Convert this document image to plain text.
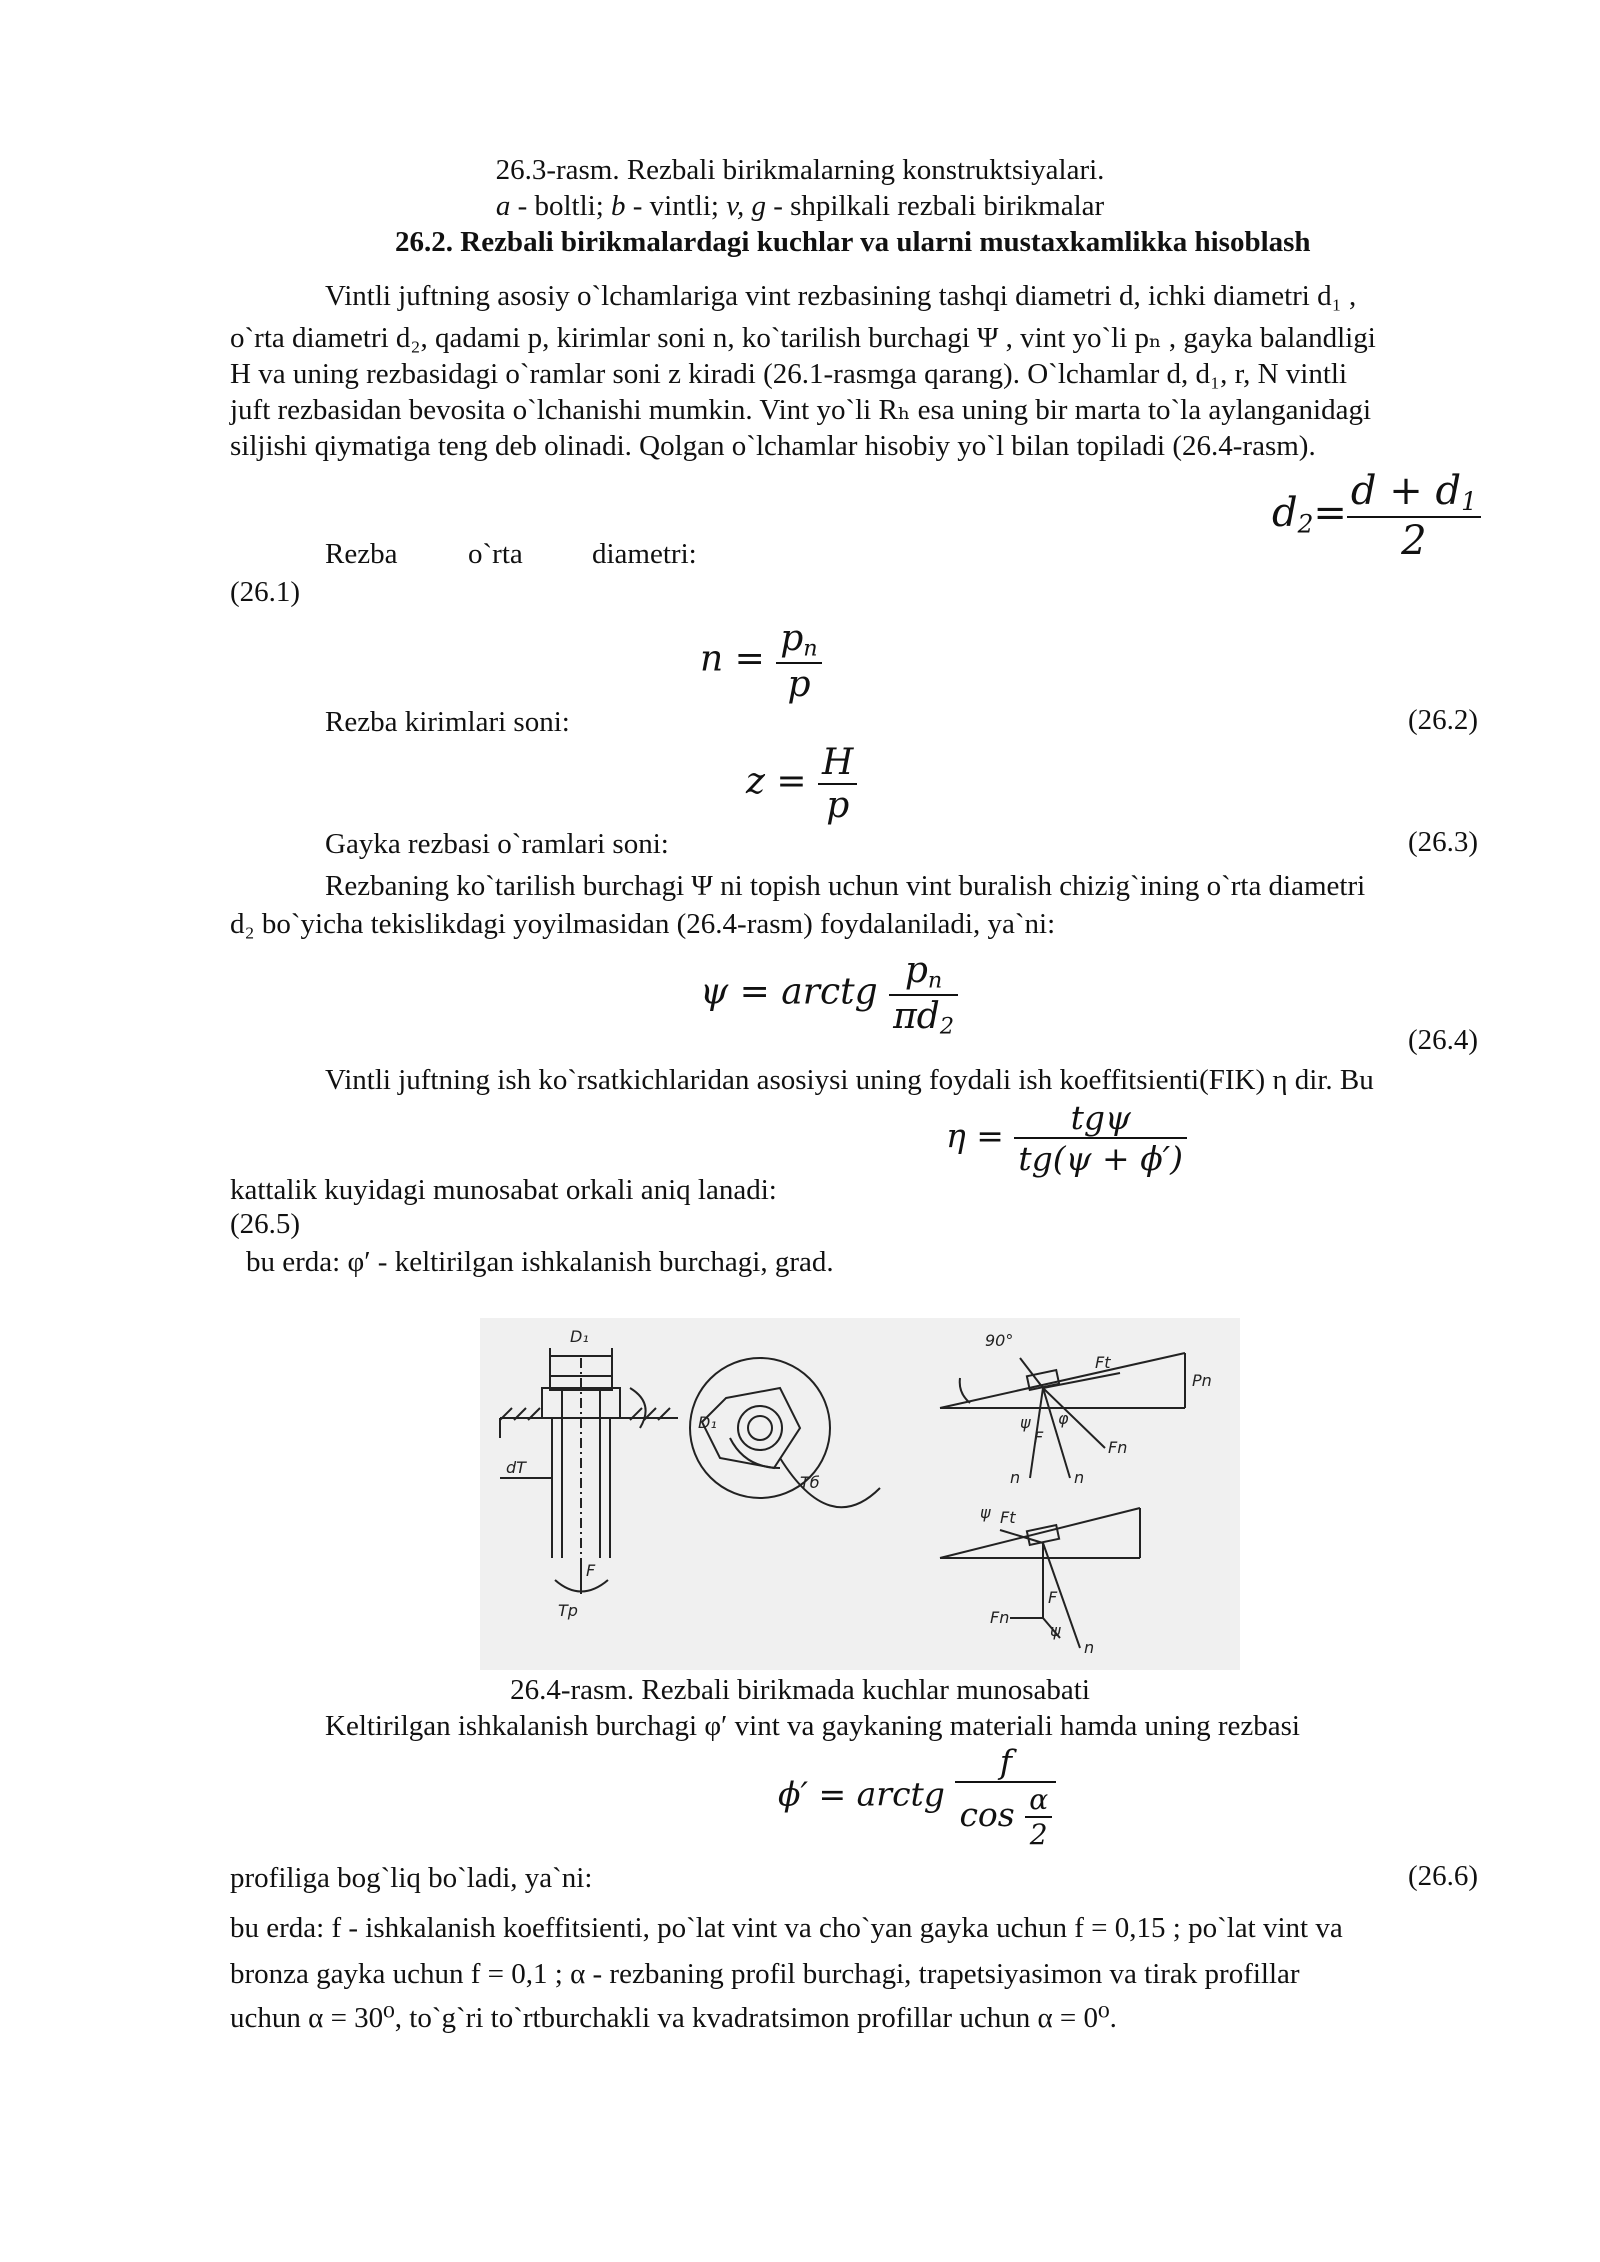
26.3-rasm. Rezbali birikmalarning konstruktsiyalari.
a - boltli; b - vintli; v, g - shpilkali rezbali birikmalar
26.2. Rezbali birikmalardagi kuchlar va ularni mustaxkamlikka hisoblash
Vintli juftning asosiy o`lchamlariga vint rezbasining tashqi diametri d, ichki diametri d₁ ,
o`rta diametri d₂, qadami p, kirimlar soni n, ko`tarilish burchagi Ψ , vint yo`li pₙ , gayka balandligi
H va uning rezbasidagi o`ramlar soni z kiradi (26.1-rasmga qarang). O`lchamlar d, d₁, r, N vintli
juft rezbasidan bevosita o`lchanishi mumkin. Vint yo`li Rₕ esa uning bir marta to`la aylanganidagi
siljishi qiymatiga teng deb olinadi. Qolgan o`lchamlar hisobiy yo`l bilan topiladi (26.4-rasm).
$d_2= \frac{d + d_1}{2}$
Rezba o`rta diametri:
(26.1)
$n = \frac{p_n}{p}$
Rezba kirimlari soni:	(26.2)
$z = \frac{H}{p}$
Gayka rezbasi o`ramlari soni:	(26.3)
Rezbaning ko`tarilish burchagi Ψ ni topish uchun vint buralish chizig`ining o`rta diametri
d₂ bo`yicha tekislikdagi yoyilmasidan (26.4-rasm) foydalaniladi, ya`ni:
ψ = arctg $\frac{p_n}{\pi d_2}$
(26.4)
Vintli juftning ish ko`rsatkichlaridan asosiysi uning foydali ish koeffitsienti(FIK) η dir. Bu
$\eta = \frac{\text{tgψ}}{tg(\psi + \phi')}$
kattalik kuyidagi munosabat orkali aniq lanadi:
(26.5)
bu erda: φ′ - keltirilgan ishkalanish burchagi, grad.
D₁
D₁
dT
F
Tp
Tб
90°
Ft
Pn
ψ φ
F
Fn
n	n
Ft
Fn
F
ψ
n
ψ
26.4-rasm. Rezbali birikmada kuchlar munosabati
Keltirilgan ishkalanish burchagi φ′ vint va gaykaning materiali hamda uning rezbasi
ϕ′ = arctg $\frac{f}{\cos \frac{\alpha}{2}}$
profiliga bog`liq bo`ladi, ya`ni:	(26.6)
bu erda: f - ishkalanish koeffitsienti, po`lat vint va cho`yan gayka uchun f = 0,15 ; po`lat vint va
bronza gayka uchun f = 0,1 ; α - rezbaning profil burchagi, trapetsiyasimon va tirak profillar
uchun α = 30⁰, to`g`ri to`rtburchakli va kvadratsimon profillar uchun α = 0⁰.
